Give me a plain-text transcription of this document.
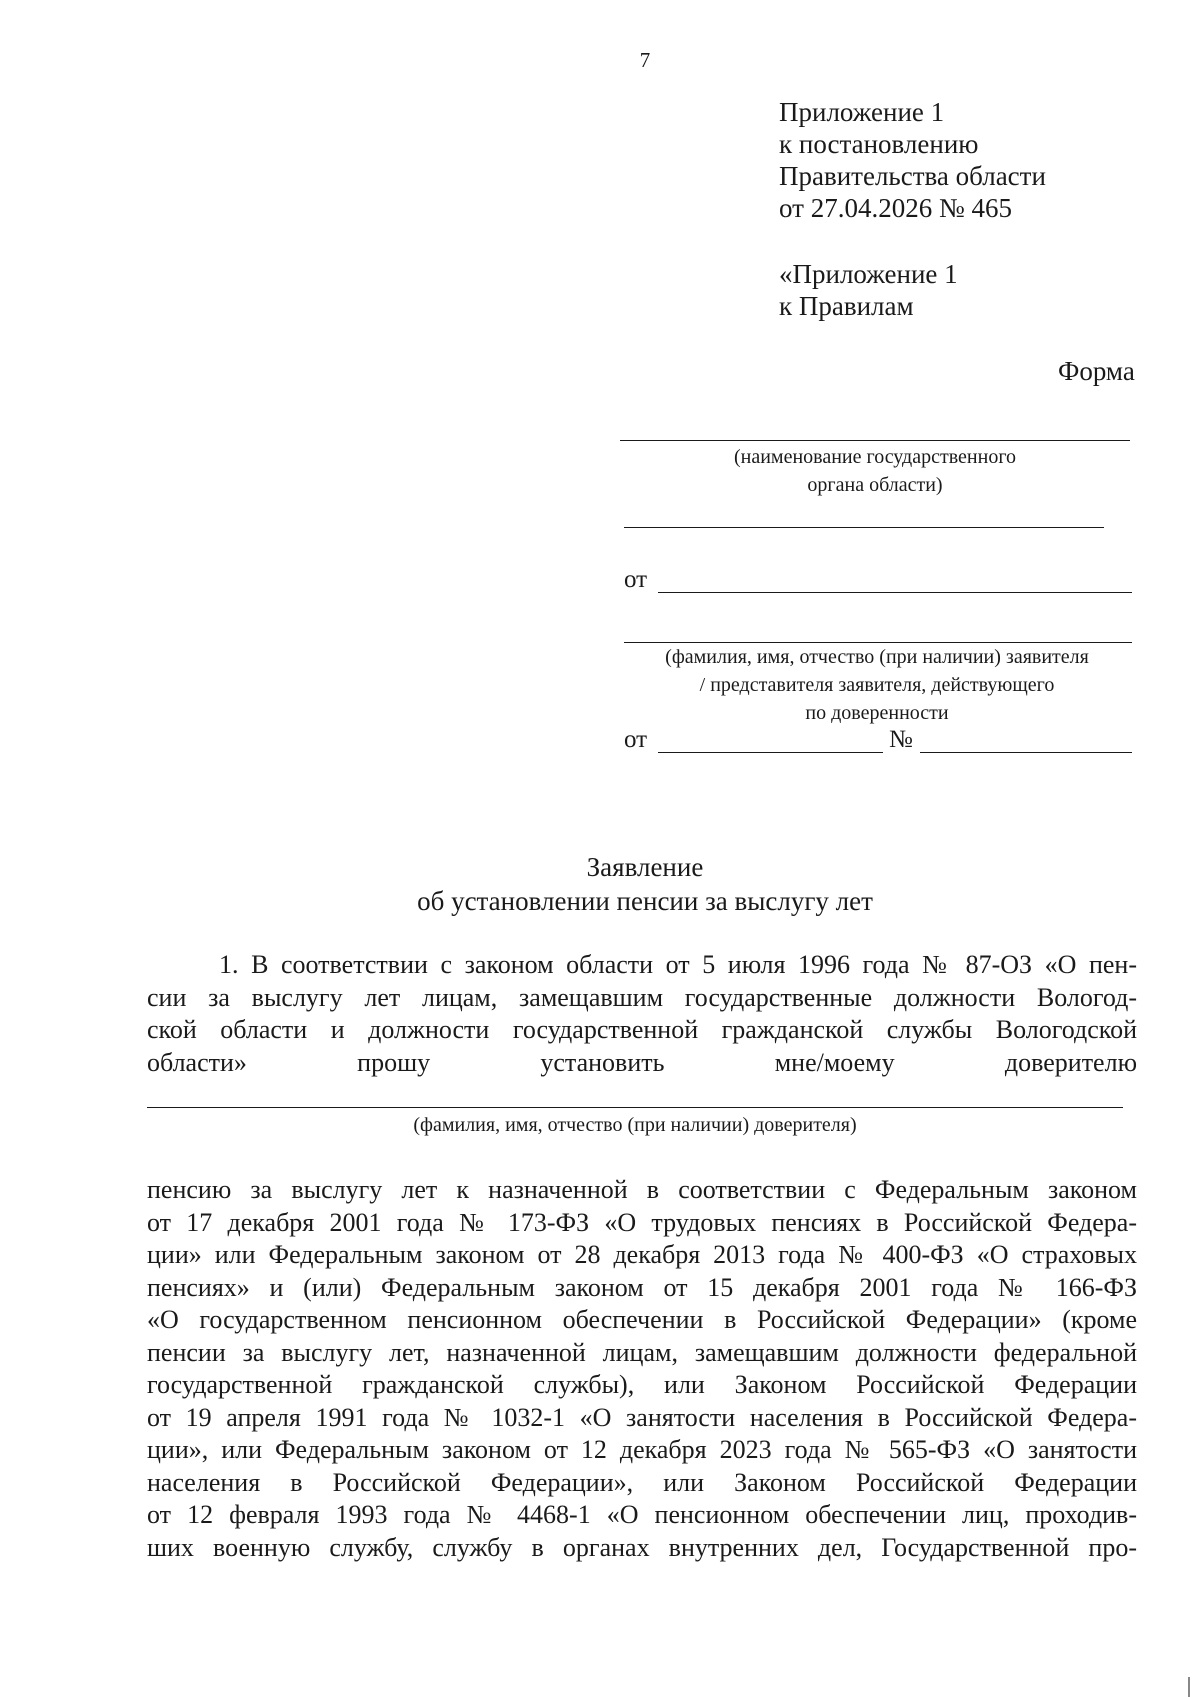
7
Приложение 1
к постановлению
Правительства области
от 27.04.2026 № 465
«Приложение 1
к Правилам
Форма
(наименование государственного
органа области)
от
(фамилия, имя, отчество (при наличии) заявителя
/ представителя заявителя, действующего
по доверенности
от	№
Заявление
об установлении пенсии за выслугу лет
1. В соответствии с законом области от 5 июля 1996 года № 87-ОЗ «О пен-
сии за выслугу лет лицам, замещавшим государственные должности Вологод-
ской области и должности государственной гражданской службы Вологодской
области» прошу установить мне/моему доверителю
(фамилия, имя, отчество (при наличии) доверителя)
пенсию за выслугу лет к назначенной в соответствии с Федеральным законом
от 17 декабря 2001 года № 173-ФЗ «О трудовых пенсиях в Российской Федера-
ции» или Федеральным законом от 28 декабря 2013 года № 400-ФЗ «О страховых
пенсиях» и (или) Федеральным законом от 15 декабря 2001 года № 166-ФЗ
«О государственном пенсионном обеспечении в Российской Федерации» (кроме
пенсии за выслугу лет, назначенной лицам, замещавшим должности федеральной
государственной гражданской службы), или Законом Российской Федерации
от 19 апреля 1991 года № 1032-1 «О занятости населения в Российской Федера-
ции», или Федеральным законом от 12 декабря 2023 года № 565-ФЗ «О занятости
населения в Российской Федерации», или Законом Российской Федерации
от 12 февраля 1993 года № 4468-1 «О пенсионном обеспечении лиц, проходив-
ших военную службу, службу в органах внутренних дел, Государственной про-
